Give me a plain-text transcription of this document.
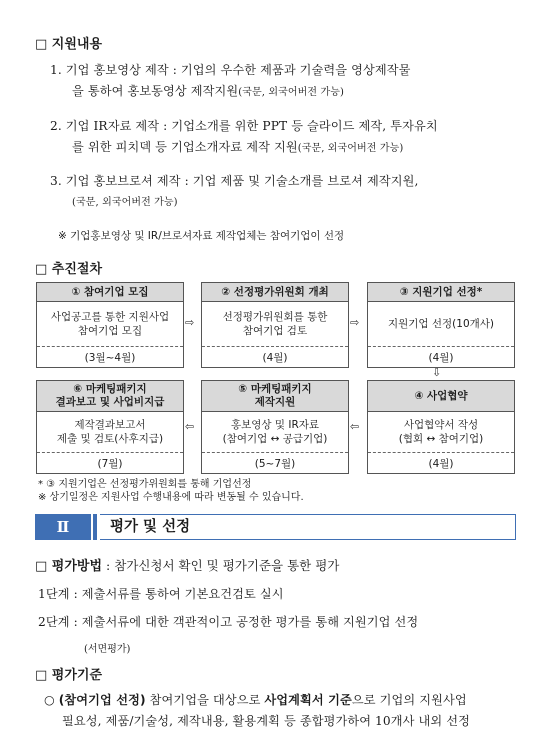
□ 지원내용
1. 기업 홍보영상 제작 : 기업의 우수한 제품과 기술력을 영상제작물
을 통하여 홍보동영상 제작지원(국문, 외국어버전 가능)
2. 기업 IR자료 제작 : 기업소개를 위한 PPT 등 슬라이드 제작, 투자유치
를 위한 피치덱 등 기업소개자료 제작 지원(국문, 외국어버전 가능)
3. 기업 홍보브로셔 제작 : 기업 제품 및 기술소개를 브로셔 제작지원,
(국문, 외국어버전 가능)
※ 기업홍보영상 및 IR/브로셔자료 제작업체는 참여기업이 선정
□ 추진절차
① 참여기업 모집
사업공고를 통한 지원사업
참여기업 모집
(3월~4월)
⇨
② 선정평가위원회 개최
선정평가위원회를 통한
참여기업 검토
(4월)
⇨
③ 지원기업 선정*
지원기업 선정(10개사)
(4월)
⇩
⑥ 마케팅패키지
결과보고 및 사업비지급
제작결과보고서
제출 및 검토(사후지급)
(7월)
⇦
⑤ 마케팅패키지
제작지원
홍보영상 및 IR자료
(참여기업 ↔ 공급기업)
(5~7월)
⇦
④ 사업협약
사업협약서 작성
(협회 ↔ 참여기업)
(4월)
* ③ 지원기업은 선정평가위원회를 통해 기업선정
※ 상기일정은 지원사업 수행내용에 따라 변동될 수 있습니다.
Ⅱ	평가 및 선정
□ 평가방법 : 참가신청서 확인 및 평가기준을 통한 평가
1단계 : 제출서류를 통하여 기본요건검토 실시
2단계 : 제출서류에 대한 객관적이고 공정한 평가를 통해 지원기업 선정
(서면평가)
□ 평가기준
○ (참여기업 선정) 참여기업을 대상으로 사업계획서 기준으로 기업의 지원사업
필요성, 제품/기술성, 제작내용, 활용계획 등 종합평가하여 10개사 내외 선정
